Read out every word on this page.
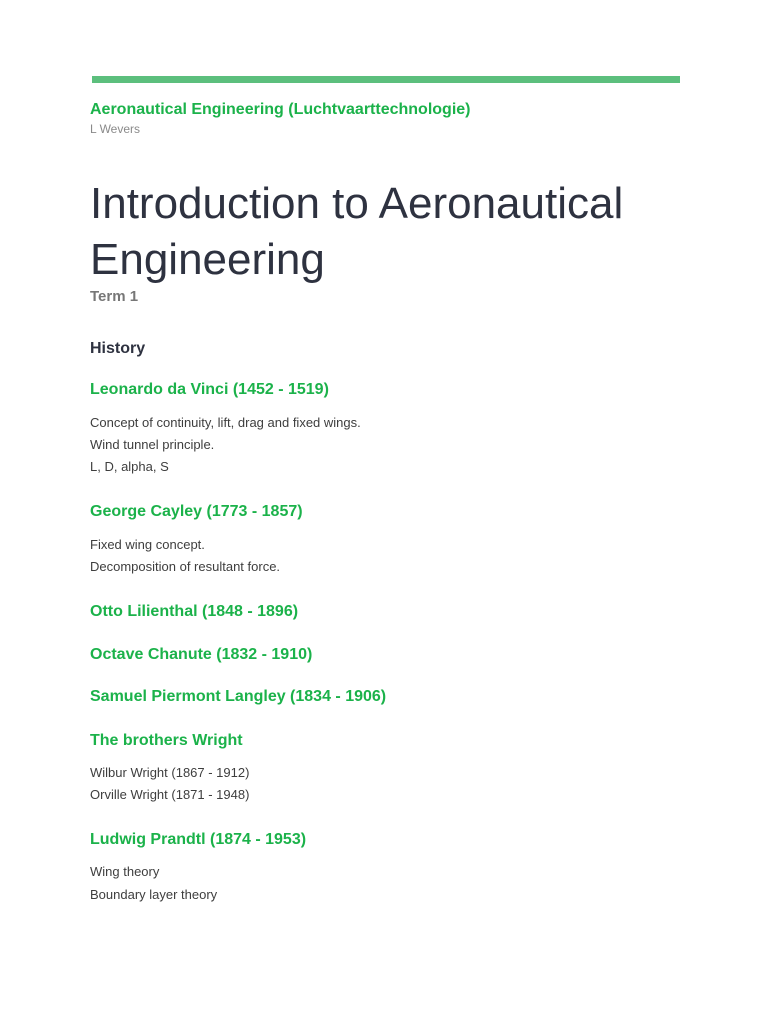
Aeronautical Engineering (Luchtvaarttechnologie)
L Wevers
Introduction to Aeronautical Engineering
Term 1
History
Leonardo da Vinci (1452 - 1519)
Concept of continuity, lift, drag and fixed wings.
Wind tunnel principle.
L, D, alpha, S
George Cayley (1773 - 1857)
Fixed wing concept.
Decomposition of resultant force.
Otto Lilienthal (1848 - 1896)
Octave Chanute (1832 - 1910)
Samuel Piermont Langley (1834 - 1906)
The brothers Wright
Wilbur Wright (1867 - 1912)
Orville Wright (1871 - 1948)
Ludwig Prandtl (1874 - 1953)
Wing theory
Boundary layer theory
